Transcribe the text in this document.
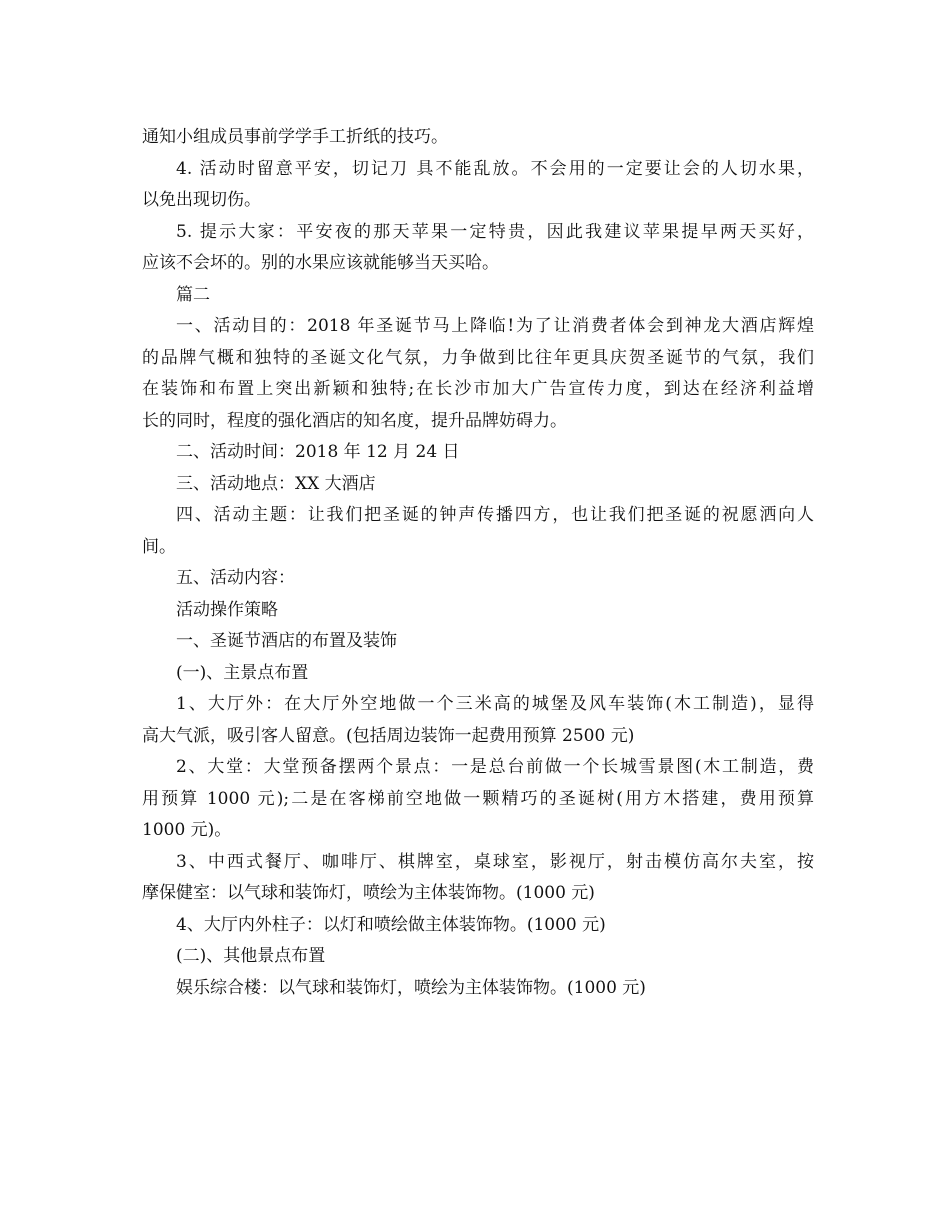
通知小组成员事前学学手工折纸的技巧。
4. 活动时留意平安，切记刀 具不能乱放。不会用的一定要让会的人切水果，
以免出现切伤。
5. 提示大家：平安夜的那天苹果一定特贵，因此我建议苹果提早两天买好，
应该不会坏的。别的水果应该就能够当天买哈。
篇二
一、活动目的：2018 年圣诞节马上降临!为了让消费者体会到神龙大酒店辉煌
的品牌气概和独特的圣诞文化气氛，力争做到比往年更具庆贺圣诞节的气氛，我们
在装饰和布置上突出新颖和独特;在长沙市加大广告宣传力度，到达在经济利益增
长的同时，程度的强化酒店的知名度，提升品牌妨碍力。
二、活动时间：2018 年 12 月 24 日
三、活动地点：XX 大酒店
四、活动主题：让我们把圣诞的钟声传播四方，也让我们把圣诞的祝愿洒向人
间。
五、活动内容：
活动操作策略
一、圣诞节酒店的布置及装饰
(一)、主景点布置
1、大厅外：在大厅外空地做一个三米高的城堡及风车装饰(木工制造)，显得
高大气派，吸引客人留意。(包括周边装饰一起费用预算 2500 元)
2、大堂：大堂预备摆两个景点：一是总台前做一个长城雪景图(木工制造，费
用预算 1000 元);二是在客梯前空地做一颗精巧的圣诞树(用方木搭建，费用预算
1000 元)。
3、中西式餐厅、咖啡厅、棋牌室，桌球室，影视厅，射击模仿高尔夫室，按
摩保健室：以气球和装饰灯，喷绘为主体装饰物。(1000 元)
4、大厅内外柱子：以灯和喷绘做主体装饰物。(1000 元)
(二)、其他景点布置
娱乐综合楼：以气球和装饰灯，喷绘为主体装饰物。(1000 元)
